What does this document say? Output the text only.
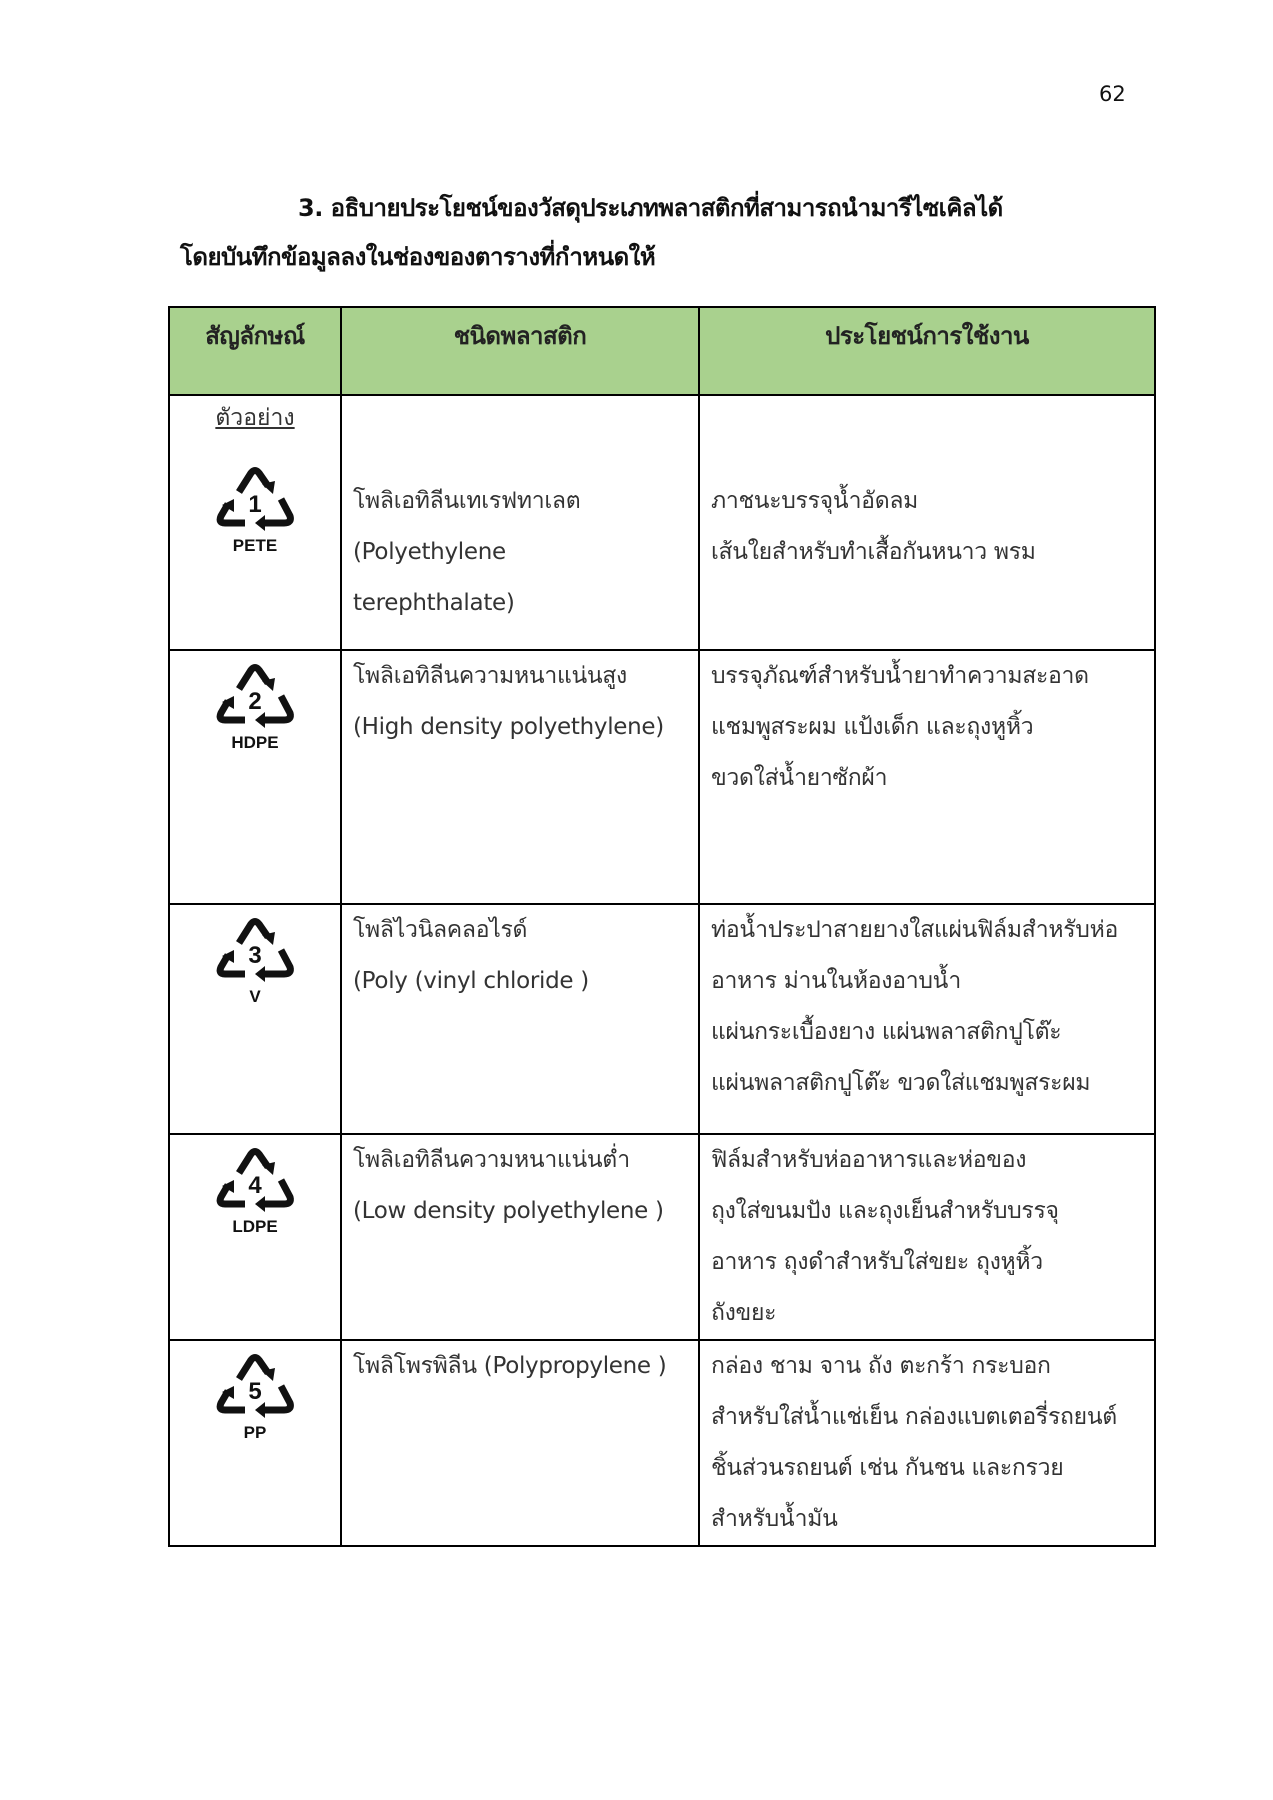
62
3. อธิบายประโยชน์ของวัสดุประเภทพลาสติกที่สามารถนำมารีไซเคิลได้
โดยบันทึกข้อมูลลงในช่องของตารางที่กำหนดให้
สัญลักษณ์	ชนิดพลาสติก	ประโยชน์การใช้งาน
ตัวอย่าง
1
PETE	โพลิเอทิลีนเทเรฟทาเลต
(Polyethylene
terephthalate)	ภาชนะบรรจุน้ำอัดลม
เส้นใยสำหรับทำเสื้อกันหนาว พรม

2
HDPE	โพลิเอทิลีนความหนาแน่นสูง
(High density polyethylene)	บรรจุภัณฑ์สำหรับน้ำยาทำความสะอาด
แชมพูสระผม แป้งเด็ก และถุงหูหิ้ว
ขวดใส่น้ำยาซักผ้า

3
V	โพลิไวนิลคลอไรด์
(Poly (vinyl chloride )	ท่อน้ำประปาสายยางใสแผ่นฟิล์มสำหรับห่อ
อาหาร ม่านในห้องอาบน้ำ
แผ่นกระเบื้องยาง แผ่นพลาสติกปูโต๊ะ
แผ่นพลาสติกปูโต๊ะ ขวดใส่แชมพูสระผม

4
LDPE	โพลิเอทิลีนความหนาแน่นต่ำ
(Low density polyethylene )	ฟิล์มสำหรับห่ออาหารและห่อของ
ถุงใส่ขนมปัง และถุงเย็นสำหรับบรรจุ
อาหาร ถุงดำสำหรับใส่ขยะ ถุงหูหิ้ว
ถังขยะ

5
PP	โพลิโพรพิลีน (Polypropylene )	กล่อง ชาม จาน ถัง ตะกร้า กระบอก
สำหรับใส่น้ำแช่เย็น กล่องแบตเตอรี่รถยนต์
ชิ้นส่วนรถยนต์ เช่น กันชน และกรวย
สำหรับน้ำมัน
